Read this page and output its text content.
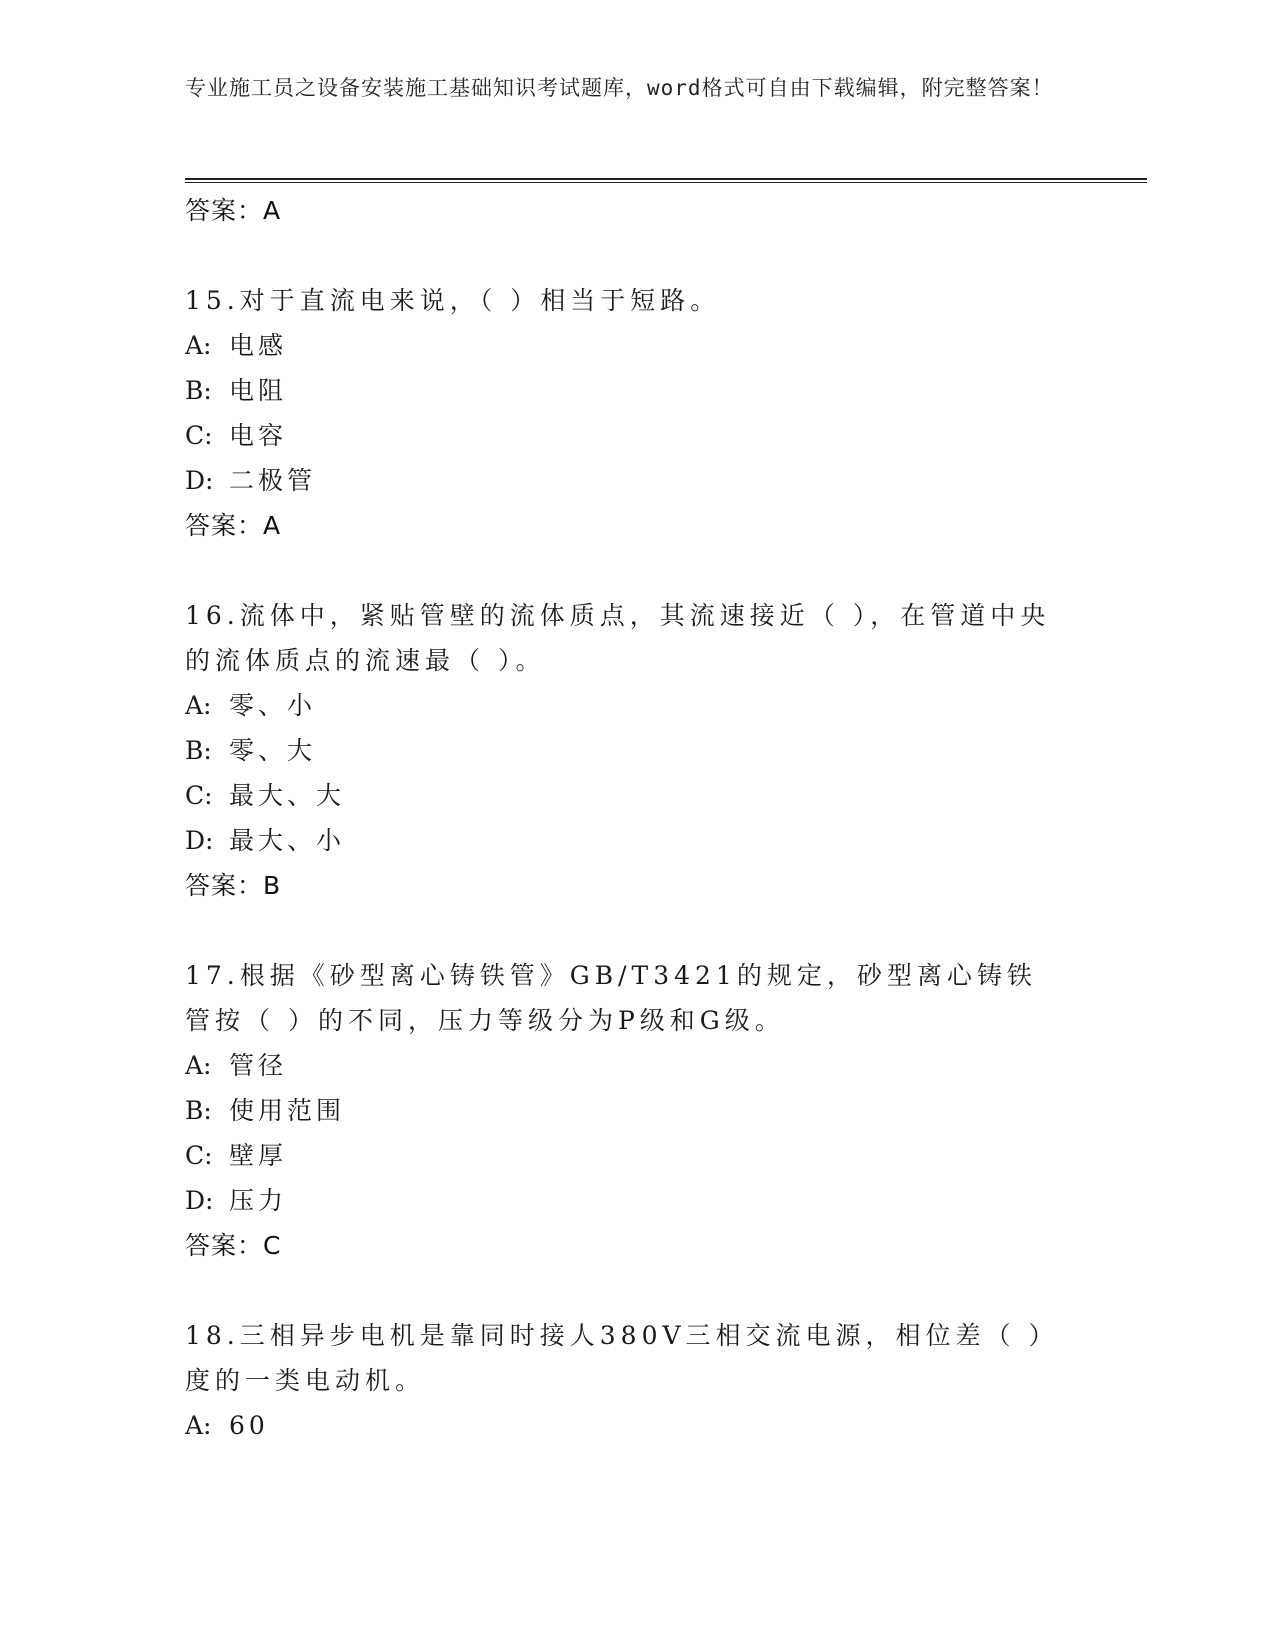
专业施工员之设备安装施工基础知识考试题库，word格式可自由下载编辑，附完整答案！
答案：A
15.对于直流电来说，（ ）相当于短路。
A: 电感
B: 电阻
C: 电容
D: 二极管
答案：A
16.流体中，紧贴管壁的流体质点，其流速接近（ ），在管道中央的流体质点的流速最（ ）。
A: 零、小
B: 零、大
C: 最大、大
D: 最大、小
答案：B
17.根据《砂型离心铸铁管》GB/T3421的规定，砂型离心铸铁管按（ ）的不同，压力等级分为P级和G级。
A: 管径
B: 使用范围
C: 壁厚
D: 压力
答案：C
18.三相异步电机是靠同时接人380V三相交流电源，相位差（ ）度的一类电动机。
A: 60
